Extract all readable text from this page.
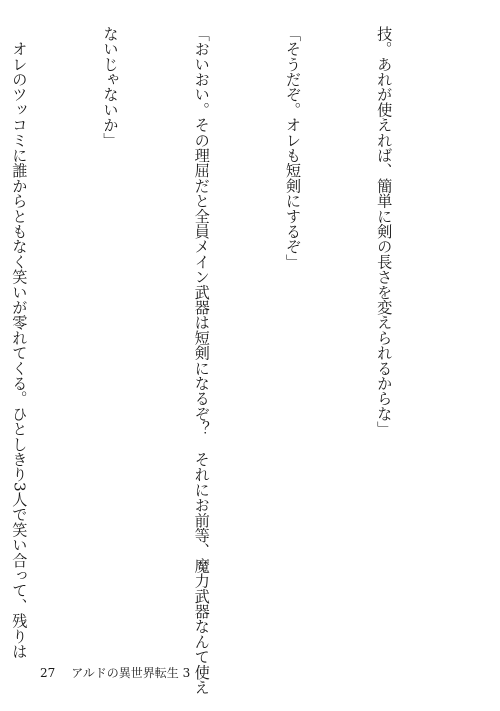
技。あれが使えれば、簡単に剣の長さを変えられるからな」

「そうだぞ。オレも短剣にするぞ」

「おいおい。その理屈だと全員メイン武器は短剣になるぞ？　それにお前等、魔力武器なんて使え

ないじゃないか」

　オレのツッコミに誰からともなく笑いが零れてくる。ひとしきり3人で笑い合って、残りは

27 アルドの異世界転生 3
